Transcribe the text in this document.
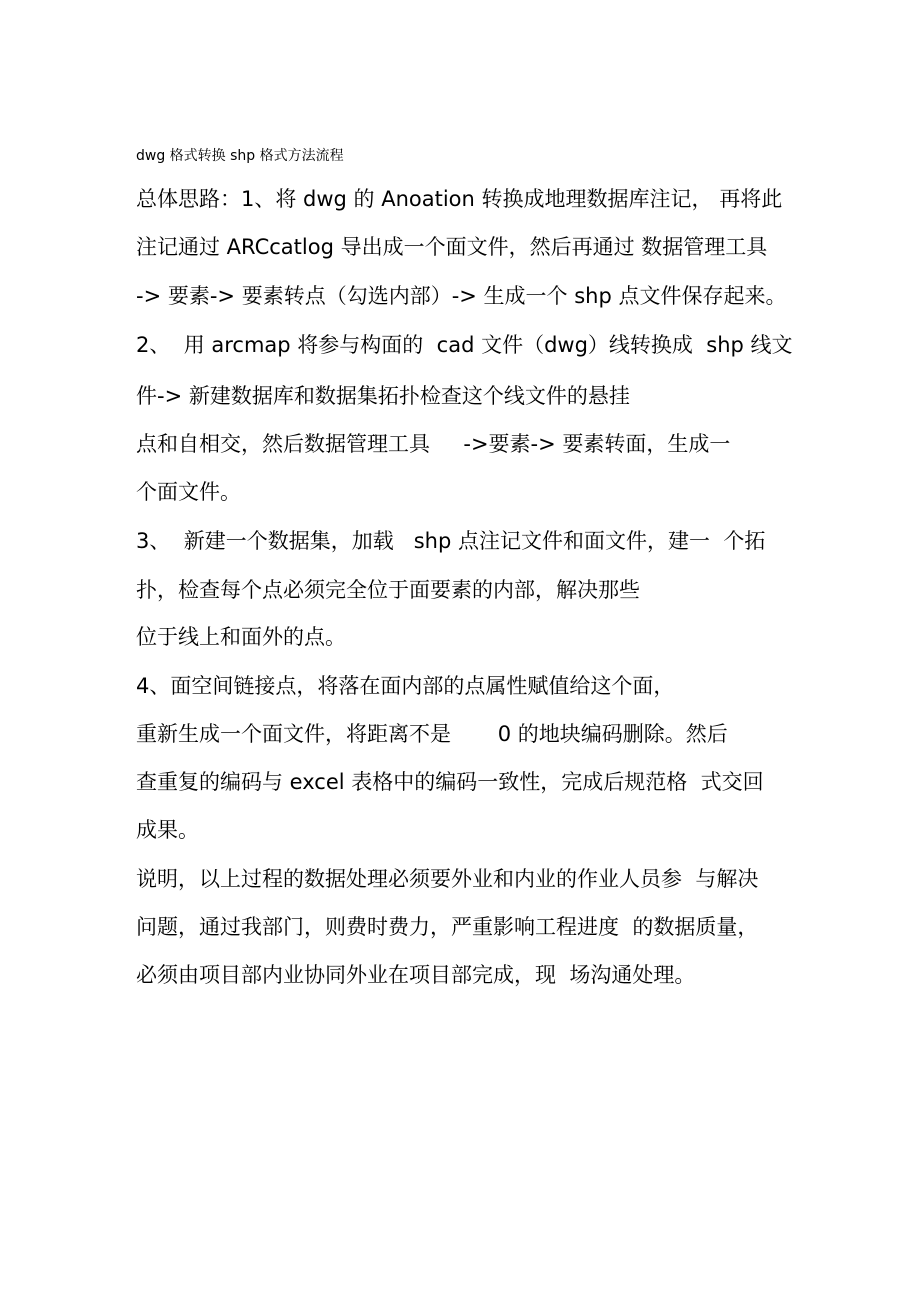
dwg 格式转换 shp 格式方法流程
总体思路：1、将 dwg 的 Anoation 转换成地理数据库注记， 再将此
注记通过 ARCcatlog 导出成一个面文件，然后再通过 数据管理工具
-> 要素-> 要素转点（勾选内部）-> 生成一个 shp 点文件保存起来。
2、  用 arcmap 将参与构面的  cad 文件（dwg）线转换成  shp 线文
件-> 新建数据库和数据集拓扑检查这个线文件的悬挂
点和自相交，然后数据管理工具     ->要素-> 要素转面，生成一
个面文件。
3、  新建一个数据集，加载   shp 点注记文件和面文件，建一  个拓
扑，检查每个点必须完全位于面要素的内部，解决那些
位于线上和面外的点。
4、面空间链接点，将落在面内部的点属性赋值给这个面，
重新生成一个面文件，将距离不是       0 的地块编码删除。然后
查重复的编码与 excel 表格中的编码一致性，完成后规范格  式交回
成果。
说明，以上过程的数据处理必须要外业和内业的作业人员参  与解决
问题，通过我部门，则费时费力，严重影响工程进度  的数据质量，
必须由项目部内业协同外业在项目部完成，现  场沟通处理。
